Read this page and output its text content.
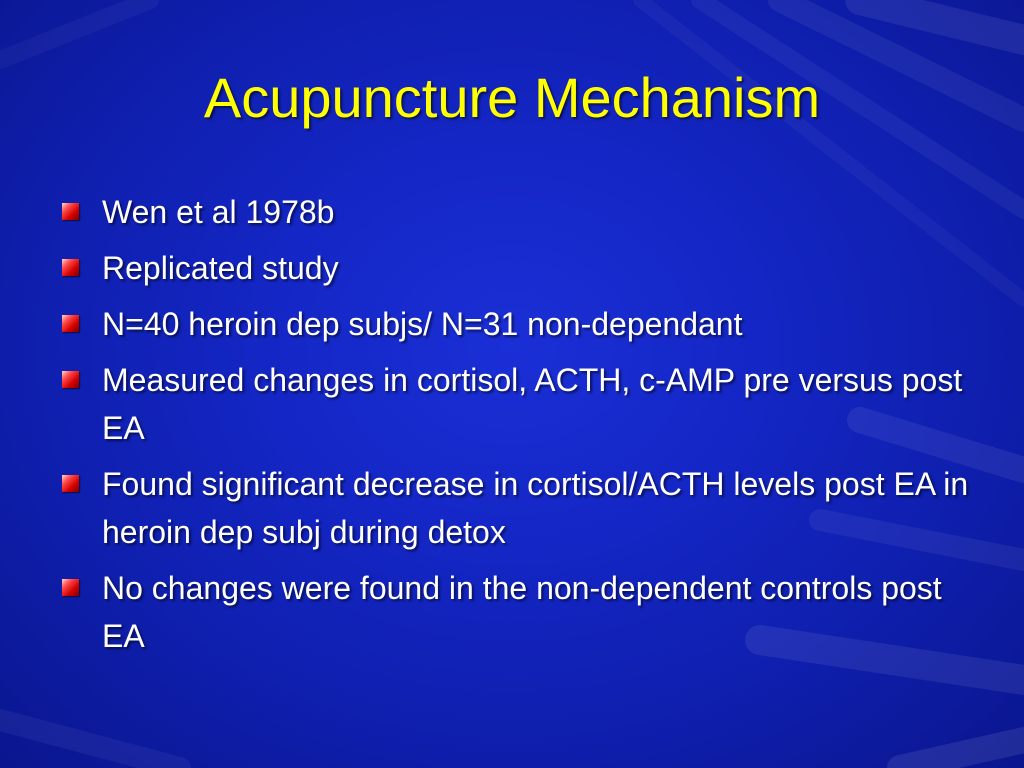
Acupuncture Mechanism
Wen et al 1978b
Replicated study
N=40 heroin dep subjs/ N=31 non-dependant
Measured changes in cortisol, ACTH, c-AMP pre versus post EA
Found significant decrease in cortisol/ACTH levels post EA in heroin dep subj during detox
No changes were found in the non-dependent controls post EA
